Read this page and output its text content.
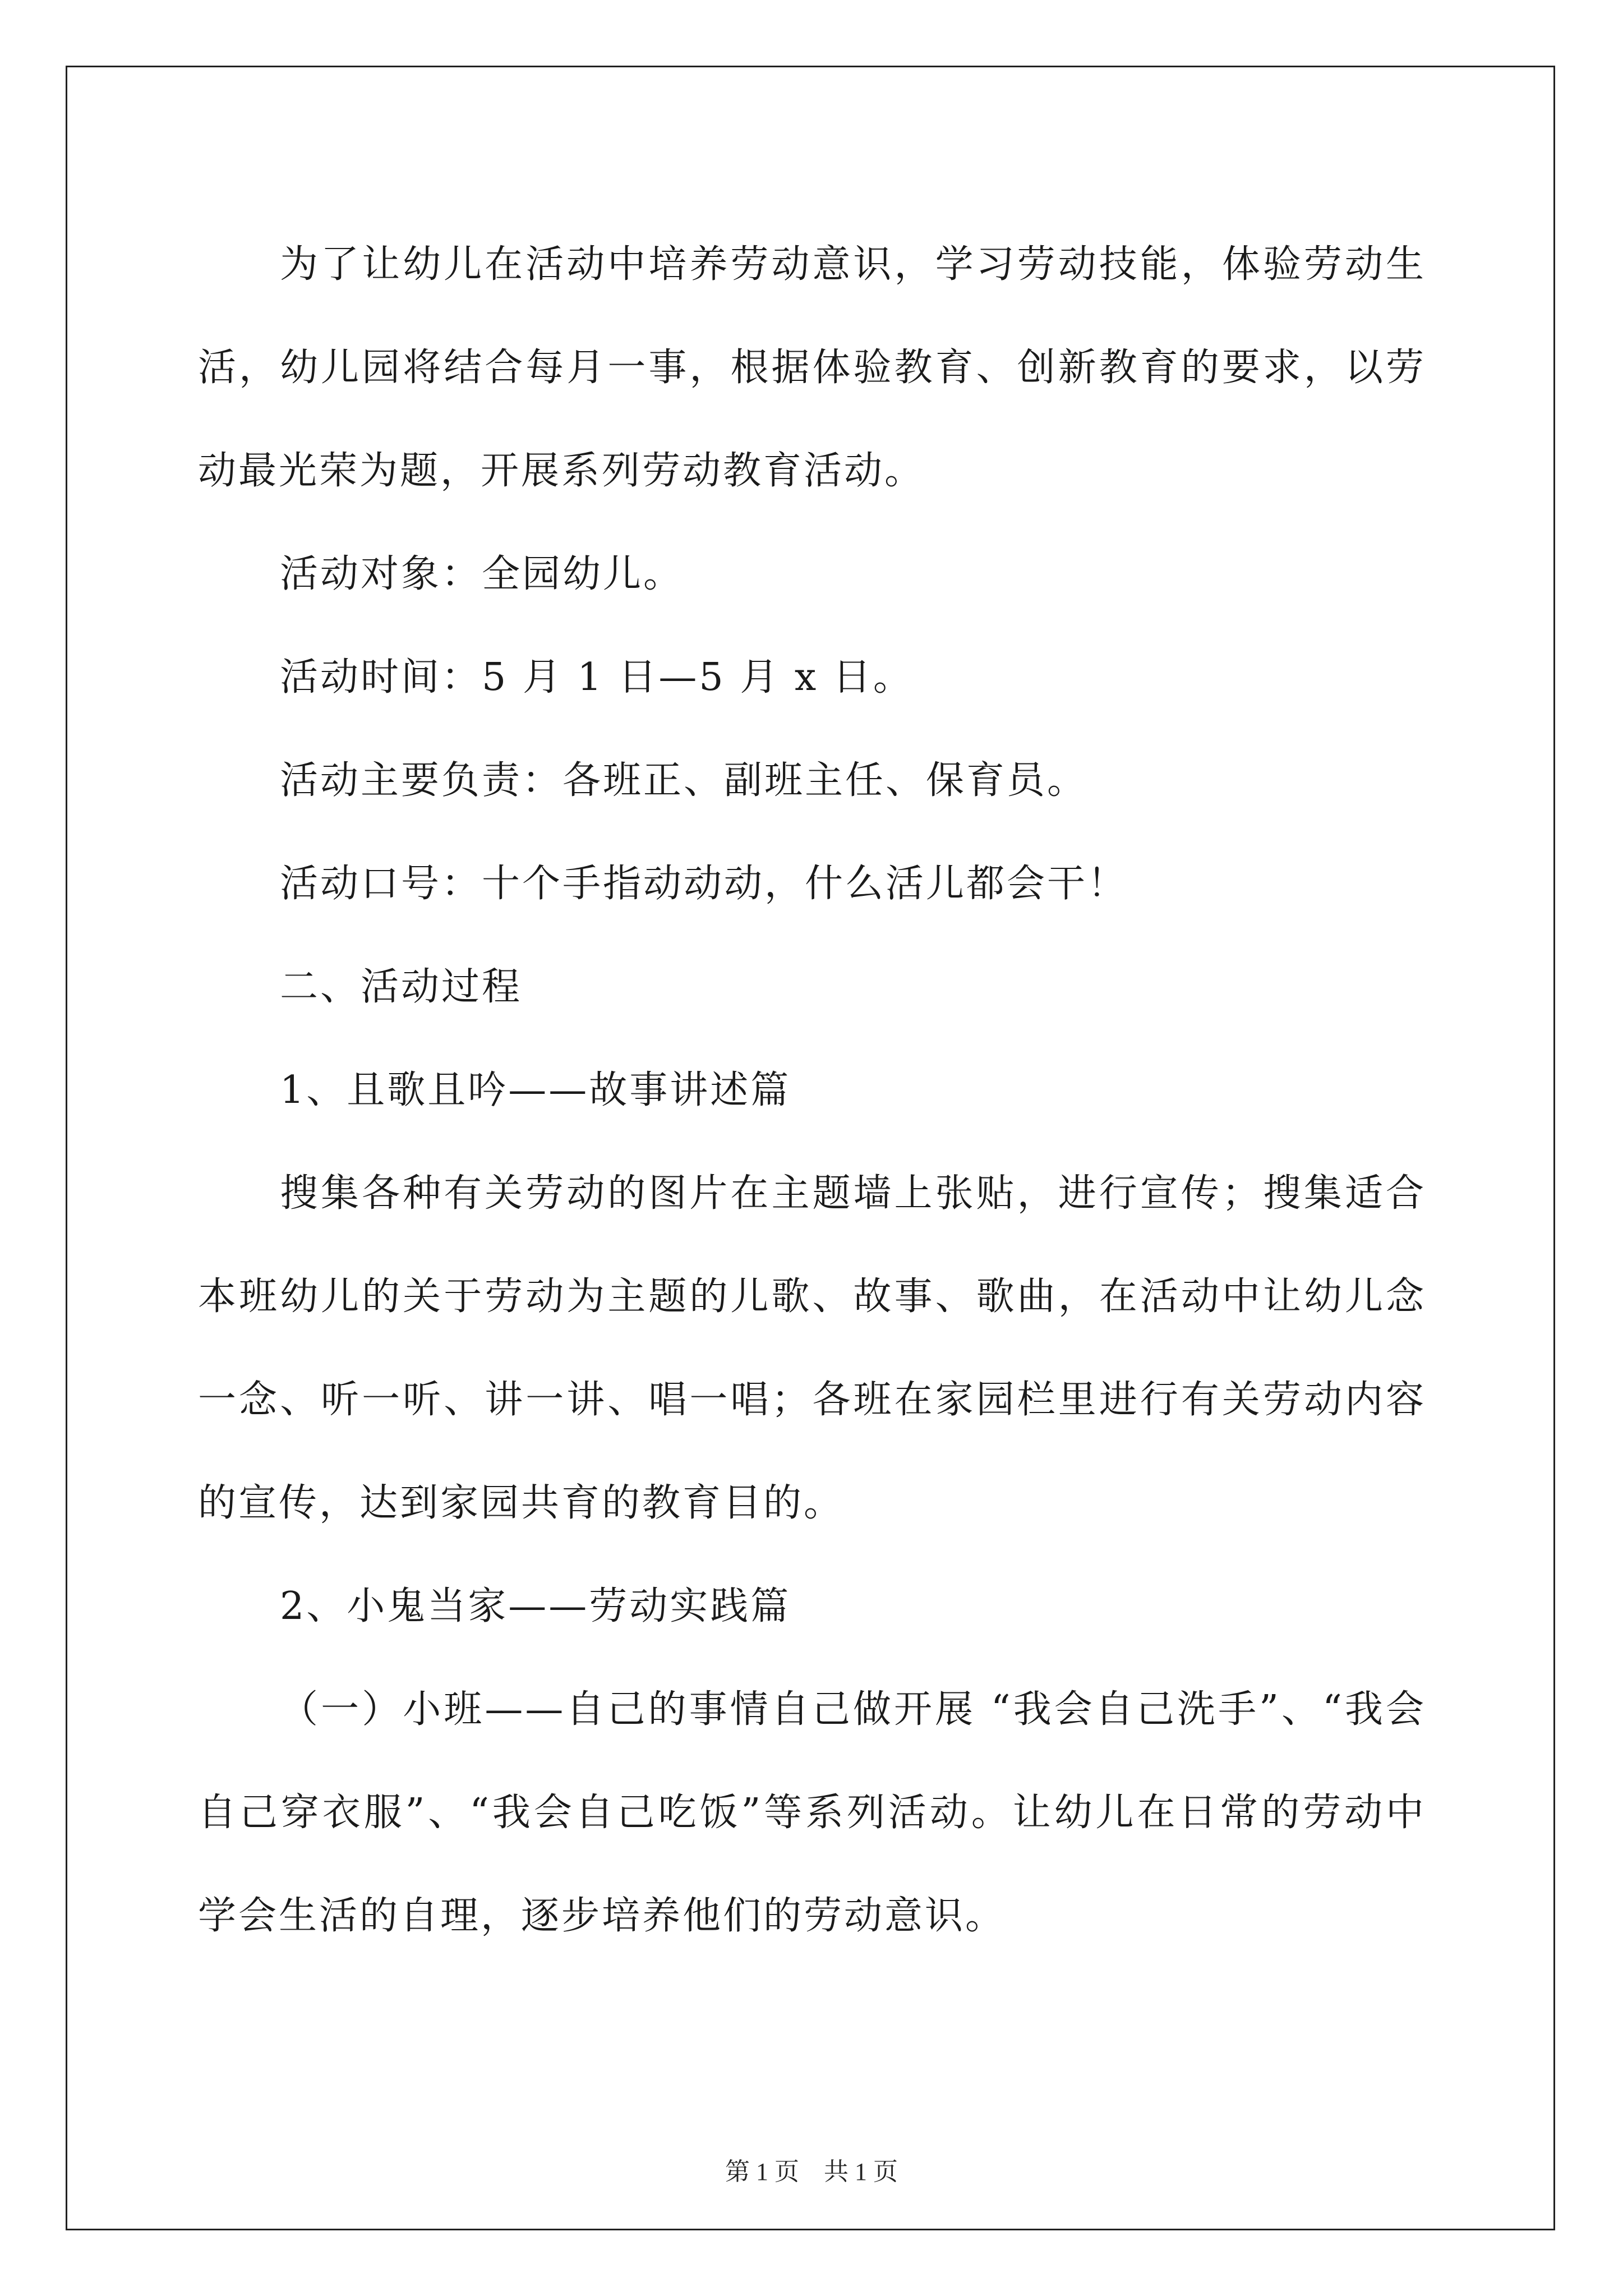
为了让幼儿在活动中培养劳动意识，学习劳动技能，体验劳动生活，幼儿园将结合每月一事，根据体验教育、创新教育的要求，以劳动最光荣为题，开展系列劳动教育活动。

活动对象：全园幼儿。

活动时间：5 月 1 日—5 月 x 日。

活动主要负责：各班正、副班主任、保育员。

活动口号：十个手指动动动，什么活儿都会干！

二、活动过程

1、且歌且吟——故事讲述篇

搜集各种有关劳动的图片在主题墙上张贴，进行宣传；搜集适合本班幼儿的关于劳动为主题的儿歌、故事、歌曲，在活动中让幼儿念一念、听一听、讲一讲、唱一唱；各班在家园栏里进行有关劳动内容的宣传，达到家园共育的教育目的。

2、小鬼当家——劳动实践篇

（一）小班——自己的事情自己做开展 “我会自己洗手”、“我会自己穿衣服”、“我会自己吃饭”等系列活动。让幼儿在日常的劳动中学会生活的自理，逐步培养他们的劳动意识。

第 1 页　共 1 页
